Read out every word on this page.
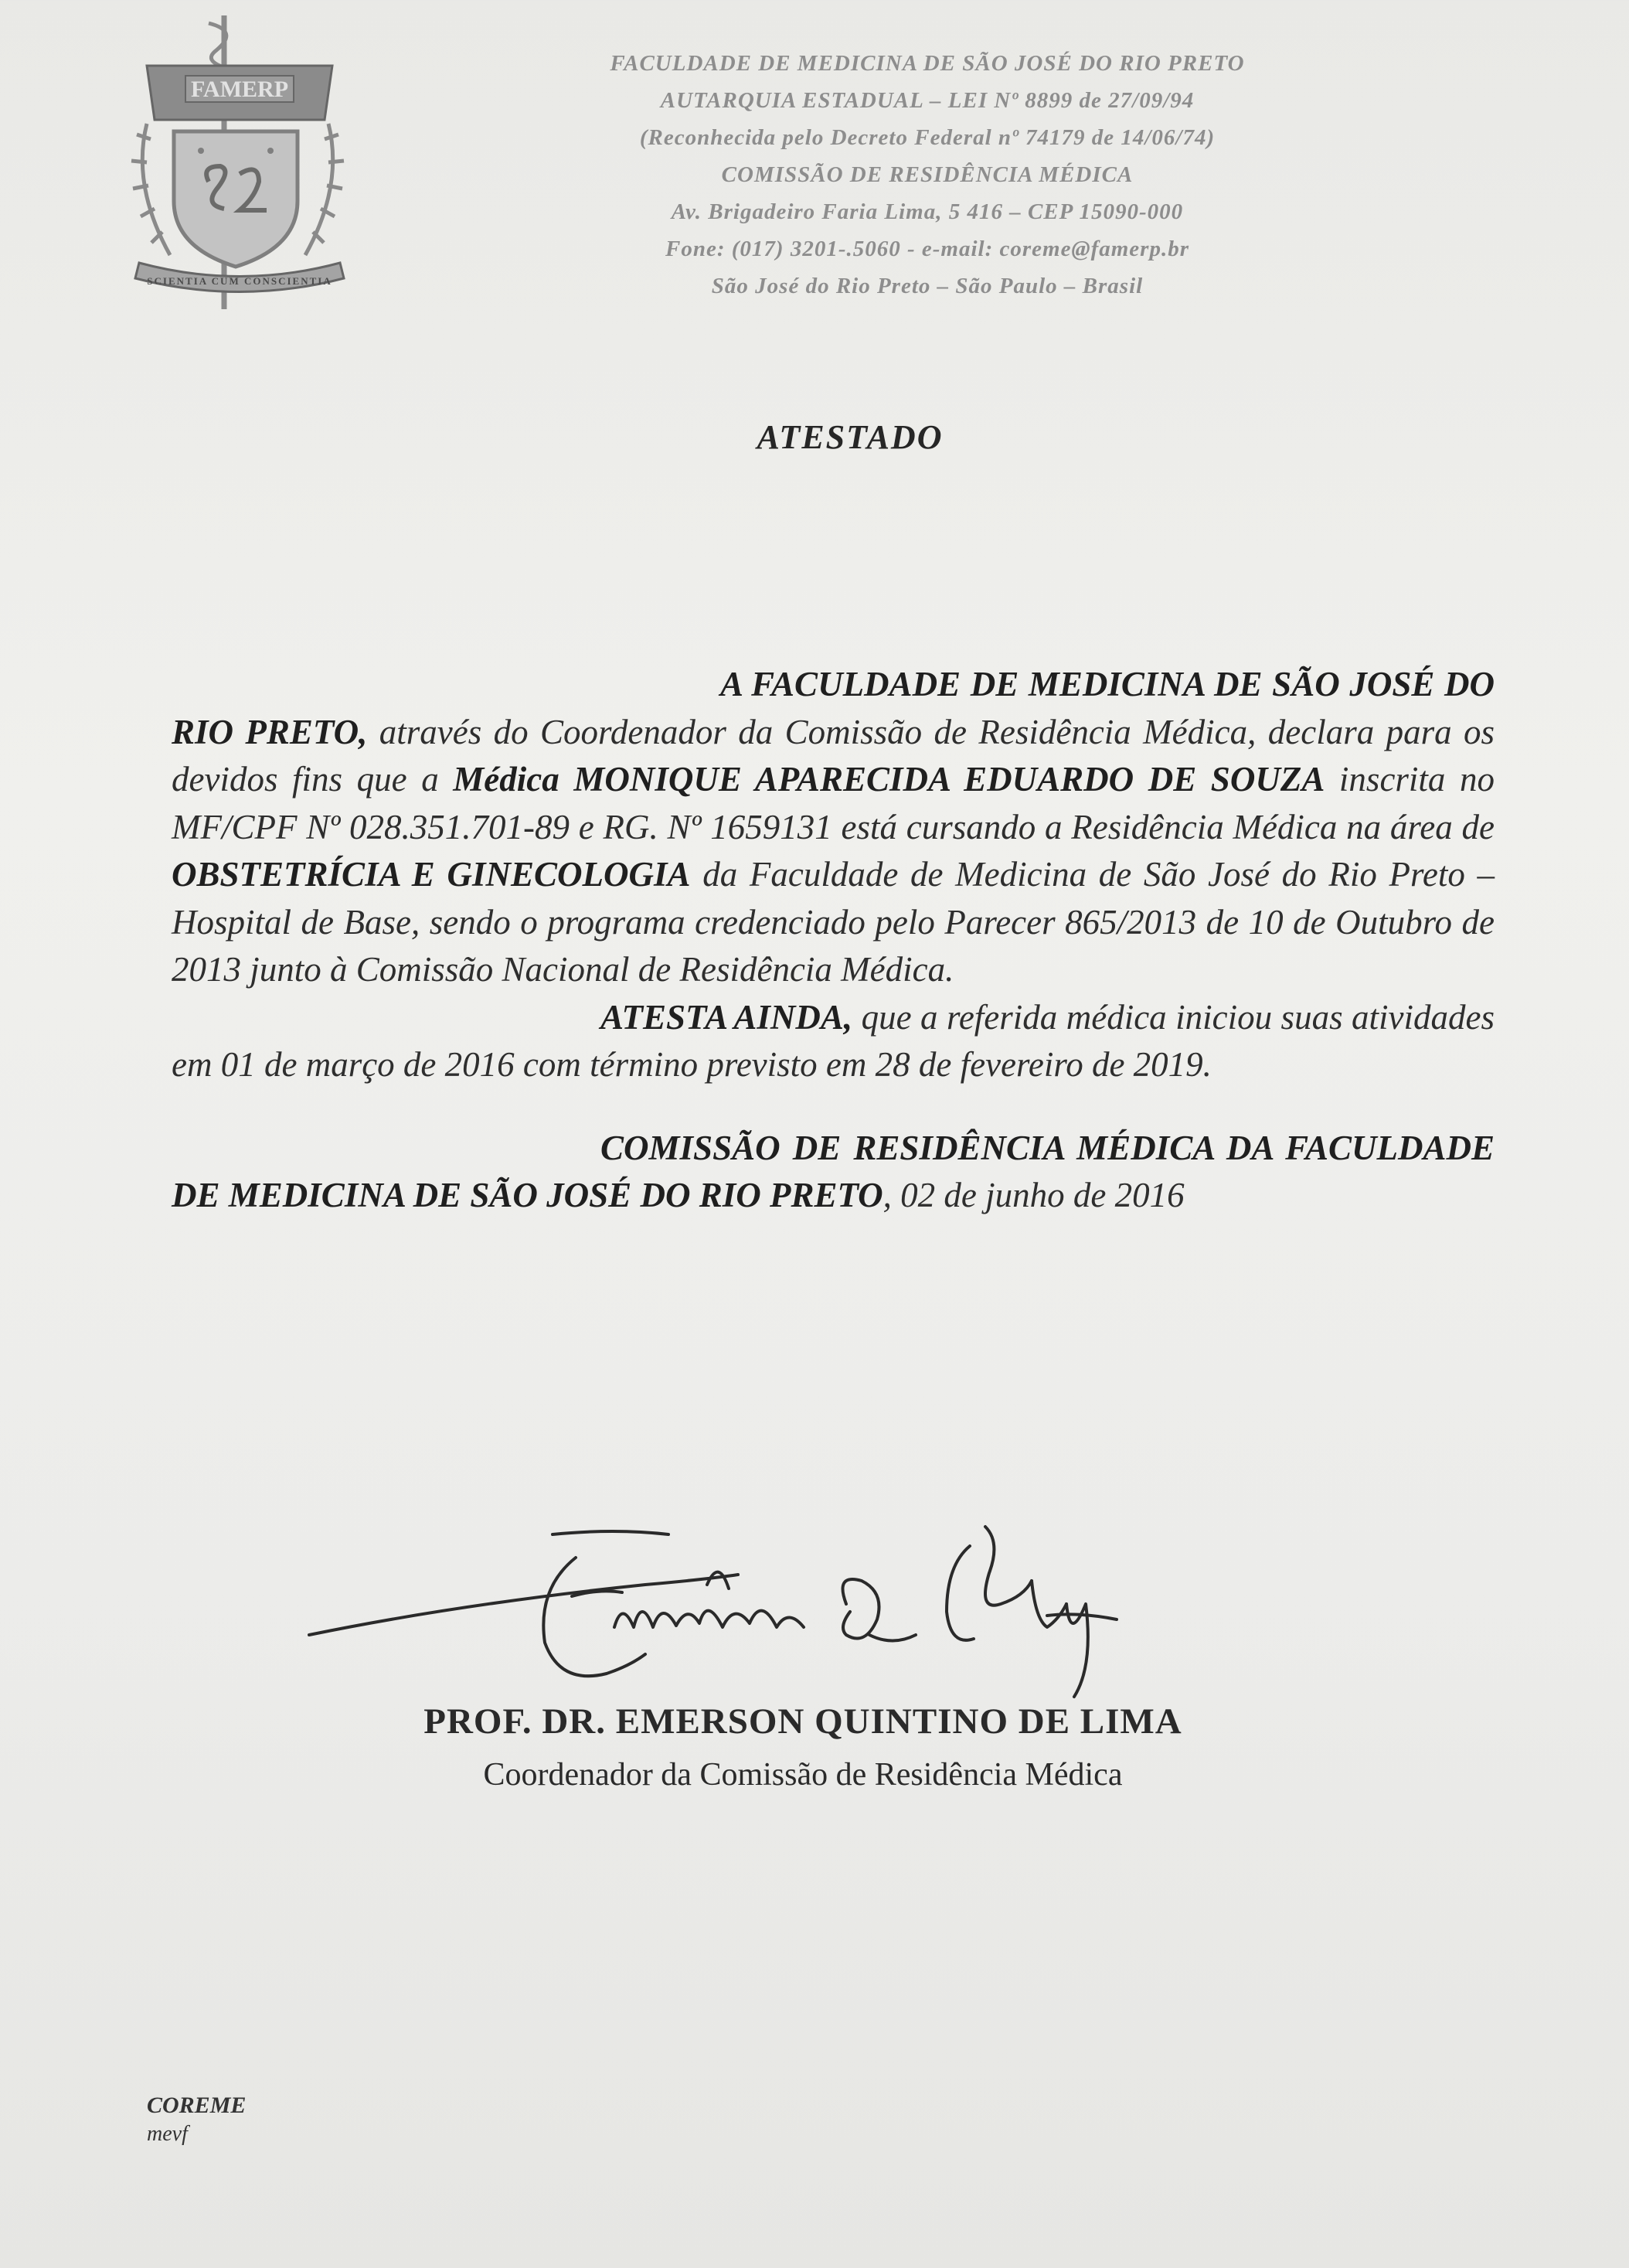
FAMERP
SCIENTIA CUM CONSCIENTIA
FACULDADE DE MEDICINA DE SÃO JOSÉ DO RIO PRETO
AUTARQUIA ESTADUAL – LEI Nº 8899 de 27/09/94
(Reconhecida pelo Decreto Federal nº 74179 de 14/06/74)
COMISSÃO DE RESIDÊNCIA MÉDICA
Av. Brigadeiro Faria Lima, 5 416 – CEP 15090-000
Fone: (017) 3201-.5060 - e-mail: coreme@famerp.br
São José do Rio Preto – São Paulo – Brasil
ATESTADO

A FACULDADE DE MEDICINA DE SÃO JOSÉ DO RIO PRETO, através do Coordenador da Comissão de Residência Médica, declara para os devidos fins que a Médica MONIQUE APARECIDA EDUARDO DE SOUZA inscrita no MF/CPF Nº 028.351.701-89 e RG. Nº 1659131 está cursando a Residência Médica na área de OBSTETRÍCIA E GINECOLOGIA da Faculdade de Medicina de São José do Rio Preto – Hospital de Base, sendo o programa credenciado pelo Parecer 865/2013 de 10 de Outubro de 2013 junto à Comissão Nacional de Residência Médica.

ATESTA AINDA, que a referida médica iniciou suas atividades em 01 de março de 2016 com término previsto em 28 de fevereiro de 2019.

COMISSÃO DE RESIDÊNCIA MÉDICA DA FACULDADE DE MEDICINA DE SÃO JOSÉ DO RIO PRETO, 02 de junho de 2016

PROF. DR. EMERSON QUINTINO DE LIMA
Coordenador da Comissão de Residência Médica
COREME
mevf
